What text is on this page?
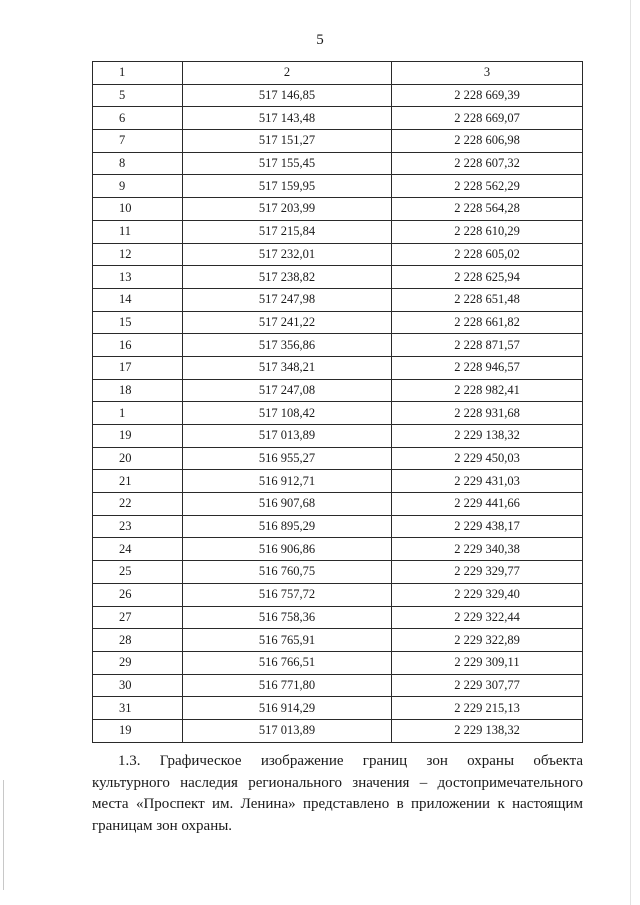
5
1	2	3
5	517 146,85	2 228 669,39
6	517 143,48	2 228 669,07
7	517 151,27	2 228 606,98
8	517 155,45	2 228 607,32
9	517 159,95	2 228 562,29
10	517 203,99	2 228 564,28
11	517 215,84	2 228 610,29
12	517 232,01	2 228 605,02
13	517 238,82	2 228 625,94
14	517 247,98	2 228 651,48
15	517 241,22	2 228 661,82
16	517 356,86	2 228 871,57
17	517 348,21	2 228 946,57
18	517 247,08	2 228 982,41
1	517 108,42	2 228 931,68
19	517 013,89	2 229 138,32
20	516 955,27	2 229 450,03
21	516 912,71	2 229 431,03
22	516 907,68	2 229 441,66
23	516 895,29	2 229 438,17
24	516 906,86	2 229 340,38
25	516 760,75	2 229 329,77
26	516 757,72	2 229 329,40
27	516 758,36	2 229 322,44
28	516 765,91	2 229 322,89
29	516 766,51	2 229 309,11
30	516 771,80	2 229 307,77
31	516 914,29	2 229 215,13
19	517 013,89	2 229 138,32
1.3. Графическое изображение границ зон охраны объекта
культурного наследия регионального значения – достопримечательного
места «Проспект им. Ленина» представлено в приложении к настоящим
границам зон охраны.
